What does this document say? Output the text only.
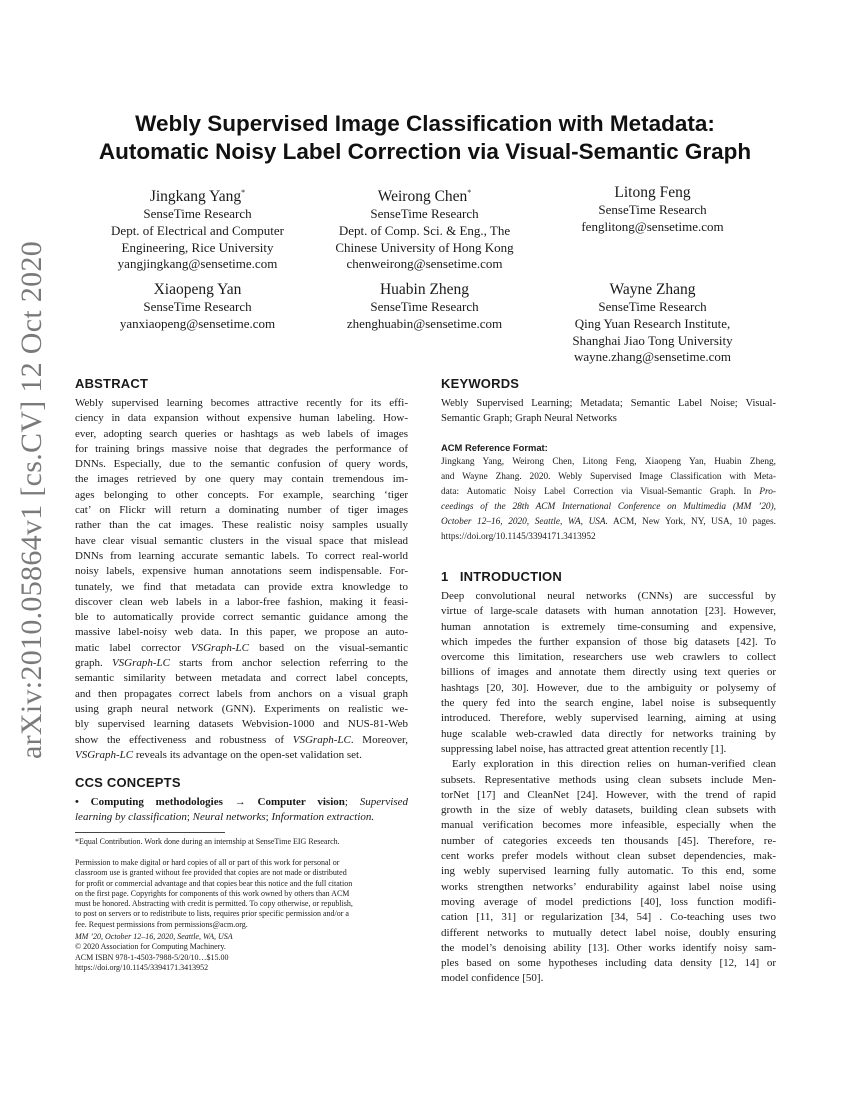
arXiv:2010.05864v1 [cs.CV] 12 Oct 2020
Webly Supervised Image Classification with Metadata:
Automatic Noisy Label Correction via Visual-Semantic Graph
Jingkang Yang*
SenseTime Research
Dept. of Electrical and Computer
Engineering, Rice University
yangjingkang@sensetime.com
Weirong Chen*
SenseTime Research
Dept. of Comp. Sci. & Eng., The
Chinese University of Hong Kong
chenweirong@sensetime.com
Litong Feng
SenseTime Research
fenglitong@sensetime.com
Xiaopeng Yan
SenseTime Research
yanxiaopeng@sensetime.com
Huabin Zheng
SenseTime Research
zhenghuabin@sensetime.com
Wayne Zhang
SenseTime Research
Qing Yuan Research Institute,
Shanghai Jiao Tong University
wayne.zhang@sensetime.com
ABSTRACT
Webly supervised learning becomes attractive recently for its effi-
ciency in data expansion without expensive human labeling. How-
ever, adopting search queries or hashtags as web labels of images
for training brings massive noise that degrades the performance of
DNNs. Especially, due to the semantic confusion of query words,
the images retrieved by one query may contain tremendous im-
ages belonging to other concepts. For example, searching ‘tiger
cat’ on Flickr will return a dominating number of tiger images
rather than the cat images. These realistic noisy samples usually
have clear visual semantic clusters in the visual space that mislead
DNNs from learning accurate semantic labels. To correct real-world
noisy labels, expensive human annotations seem indispensable. For-
tunately, we find that metadata can provide extra knowledge to
discover clean web labels in a labor-free fashion, making it feasi-
ble to automatically provide correct semantic guidance among the
massive label-noisy web data. In this paper, we propose an auto-
matic label corrector VSGraph-LC based on the visual-semantic
graph. VSGraph-LC starts from anchor selection referring to the
semantic similarity between metadata and correct label concepts,
and then propagates correct labels from anchors on a visual graph
using graph neural network (GNN). Experiments on realistic we-
bly supervised learning datasets Webvision-1000 and NUS-81-Web
show the effectiveness and robustness of VSGraph-LC. Moreover,
VSGraph-LC reveals its advantage on the open-set validation set.
CCS CONCEPTS
• Computing methodologies → Computer vision; Supervised
learning by classification; Neural networks; Information extraction.
*Equal Contribution. Work done during an internship at SenseTime EIG Research.
Permission to make digital or hard copies of all or part of this work for personal or
classroom use is granted without fee provided that copies are not made or distributed
for profit or commercial advantage and that copies bear this notice and the full citation
on the first page. Copyrights for components of this work owned by others than ACM
must be honored. Abstracting with credit is permitted. To copy otherwise, or republish,
to post on servers or to redistribute to lists, requires prior specific permission and/or a
fee. Request permissions from permissions@acm.org.
MM ’20, October 12–16, 2020, Seattle, WA, USA
© 2020 Association for Computing Machinery.
ACM ISBN 978-1-4503-7988-5/20/10…$15.00
https://doi.org/10.1145/3394171.3413952
KEYWORDS
Webly Supervised Learning; Metadata; Semantic Label Noise; Visual-
Semantic Graph; Graph Neural Networks
ACM Reference Format:
Jingkang Yang, Weirong Chen, Litong Feng, Xiaopeng Yan, Huabin Zheng,
and Wayne Zhang. 2020. Webly Supervised Image Classification with Meta-
data: Automatic Noisy Label Correction via Visual-Semantic Graph. In Pro-
ceedings of the 28th ACM International Conference on Multimedia (MM ’20),
October 12–16, 2020, Seattle, WA, USA. ACM, New York, NY, USA, 10 pages.
https://doi.org/10.1145/3394171.3413952
1 INTRODUCTION
Deep convolutional neural networks (CNNs) are successful by
virtue of large-scale datasets with human annotation [23]. However,
human annotation is extremely time-consuming and expensive,
which impedes the further expansion of those big datasets [42]. To
overcome this limitation, researchers use web crawlers to collect
billions of images and annotate them directly using text queries or
hashtags [20, 30]. However, due to the ambiguity or polysemy of
the query fed into the search engine, label noise is subsequently
introduced. Therefore, webly supervised learning, aiming at using
huge scalable web-crawled data directly for networks training by
suppressing label noise, has attracted great attention recently [1].
Early exploration in this direction relies on human-verified clean
subsets. Representative methods using clean subsets include Men-
torNet [17] and CleanNet [24]. However, with the trend of rapid
growth in the size of webly datasets, building clean subsets with
manual verification becomes more infeasible, especially when the
number of categories exceeds ten thousands [45]. Therefore, re-
cent works prefer models without clean subset dependencies, mak-
ing webly supervised learning fully automatic. To this end, some
works strengthen networks’ endurability against label noise using
moving average of model predictions [40], loss function modifi-
cation [11, 31] or regularization [34, 54] . Co-teaching uses two
different networks to mutually detect label noise, doubly ensuring
the model’s denoising ability [13]. Other works identify noisy sam-
ples based on some hypotheses including data density [12, 14] or
model confidence [50].
